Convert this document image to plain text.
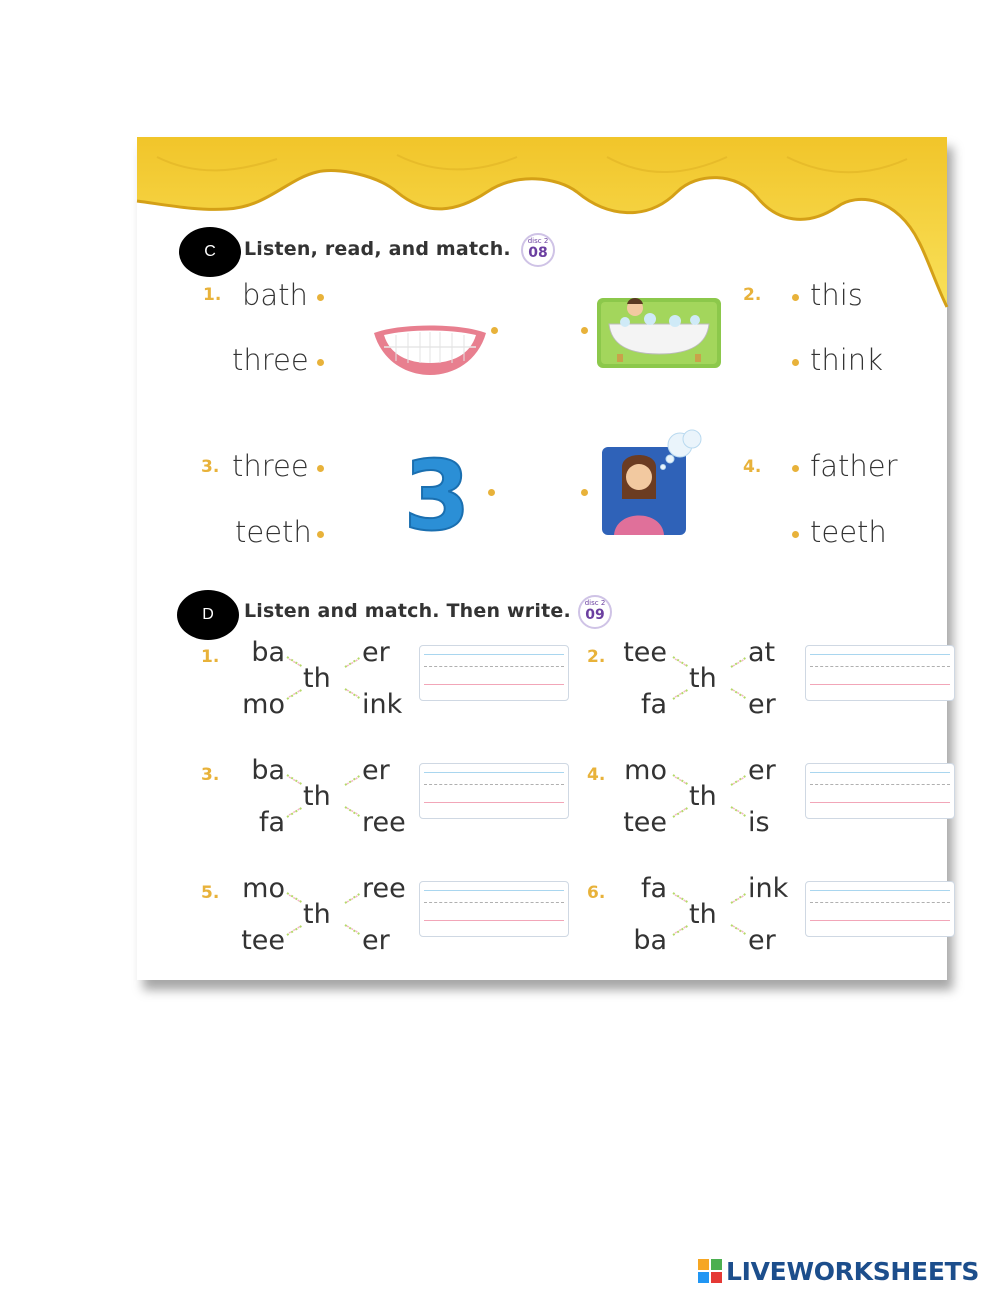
C Listen, read, and match.	disc 2
08
1. bath
three
2. this
think
3. three
teeth 3	4. father
teeth
D Listen and match. Then write.	disc 2
09
1.	ba
mo
th
er
ink
2. tee
fa
th
at
er
3.	ba
fa
th
er
ree
4. mo
tee
th
er
is
5. mo
tee
th
ree
er
6.	fa
ba
th
ink
er
LIVEWORKSHEETS
